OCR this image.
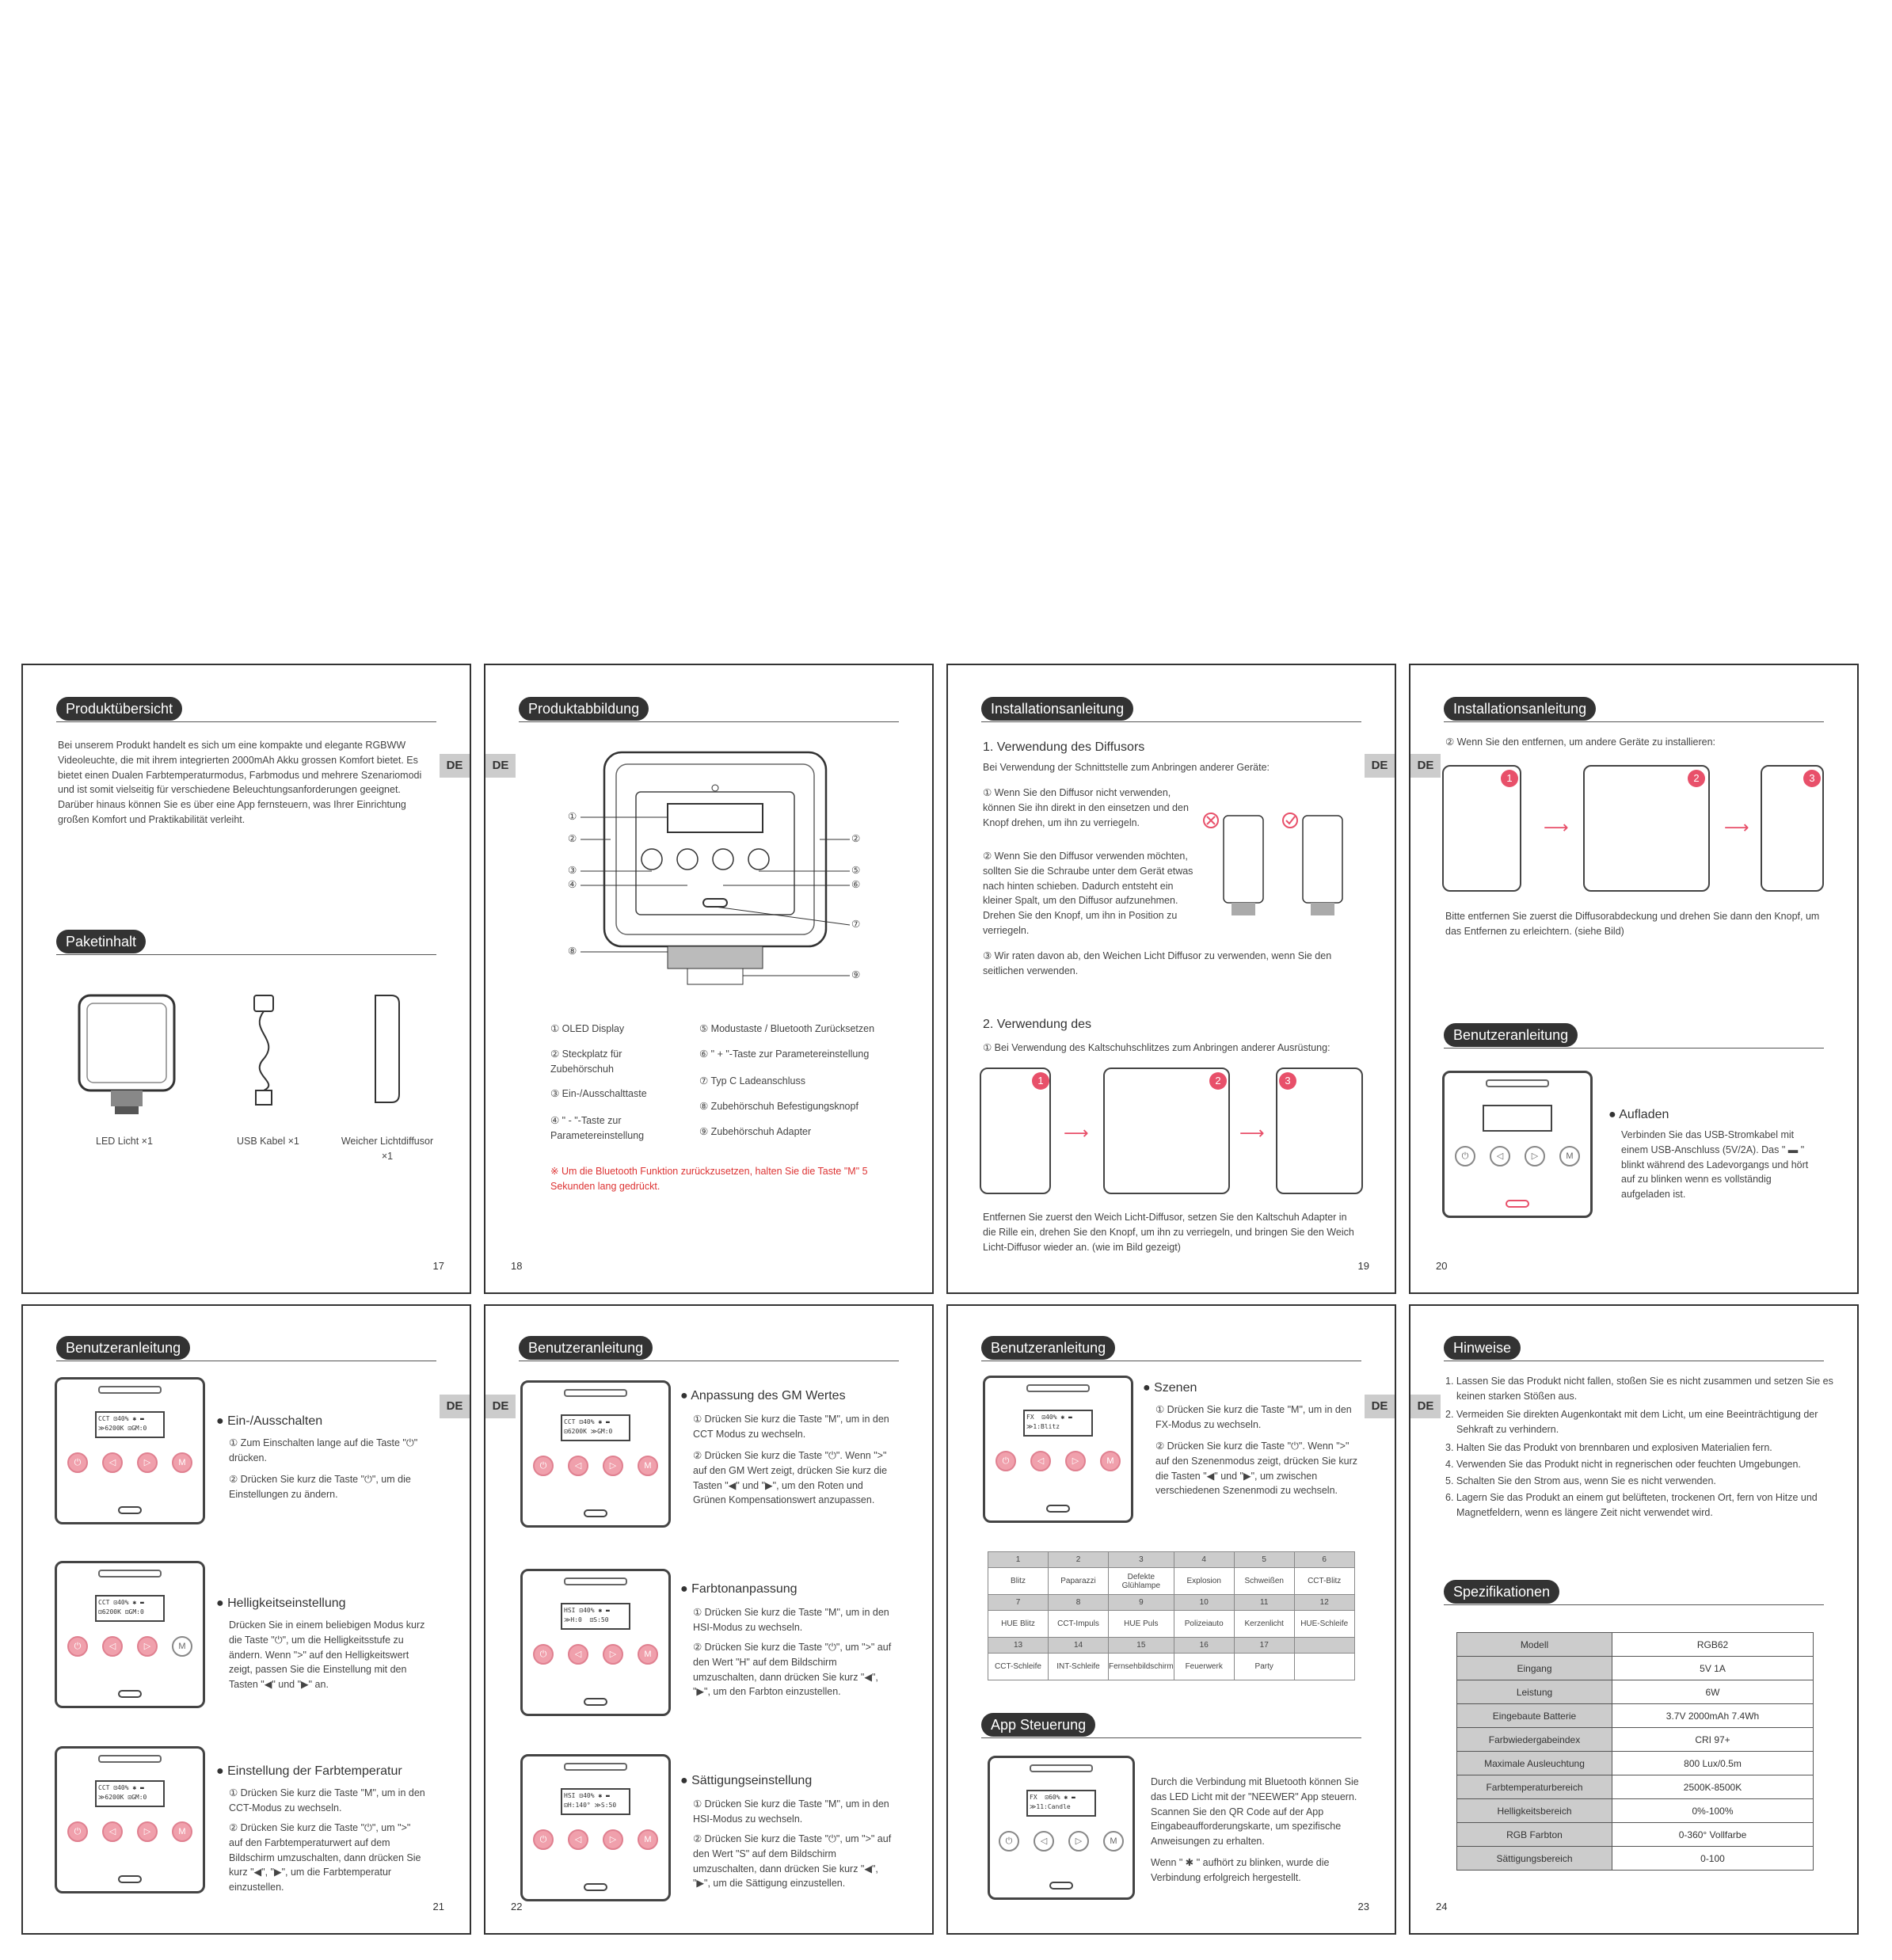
Produktübersicht
Bei unserem Produkt handelt es sich um eine kompakte und elegante RGBWW Videoleuchte, die mit ihrem integrierten 2000mAh Akku grossen Komfort bietet. Es bietet einen Dualen Farbtemperaturmodus, Farbmodus und mehrere Szenariomodi und ist somit vielseitig für verschiedene Beleuchtungsanforderungen geeignet. Darüber hinaus können Sie es über eine App fernsteuern, was Ihrer Einrichtung großen Komfort und Praktikabilität verleiht.
DE
Paketinhalt
LED Licht ×1	USB Kabel ×1	Weicher Lichtdiffusor ×1
17
Produktabbildung
DE
①
②	②
③
④
⑤
⑥
⑦
⑧
⑨
① OLED Display
② Steckplatz für Zubehörschuh
③ Ein-/Ausschalttaste
④ " - "-Taste zur Parametereinstellung
⑤ Modustaste / Bluetooth Zurücksetzen
⑥ " + "-Taste zur Parametereinstellung
⑦ Typ C Ladeanschluss
⑧ Zubehörschuh Befestigungsknopf
⑨ Zubehörschuh Adapter
※ Um die Bluetooth Funktion zurückzusetzen, halten Sie die Taste "M" 5 Sekunden lang gedrückt.
18
Installationsanleitung
DE
1. Verwendung des Diffusors
Bei Verwendung der Schnittstelle zum Anbringen anderer Geräte:
① Wenn Sie den Diffusor nicht verwenden, können Sie ihn direkt in den einsetzen und den Knopf drehen, um ihn zu verriegeln.
② Wenn Sie den Diffusor verwenden möchten, sollten Sie die Schraube unter dem Gerät etwas nach hinten schieben. Dadurch entsteht ein kleiner Spalt, um den Diffusor aufzunehmen. Drehen Sie den Knopf, um ihn in Position zu verriegeln.
③ Wir raten davon ab, den Weichen Licht Diffusor zu verwenden, wenn Sie den seitlichen verwenden.
2. Verwendung des
① Bei Verwendung des Kaltschuhschlitzes zum Anbringen anderer Ausrüstung:
1	2	3
⟶	⟶
Entfernen Sie zuerst den Weich Licht-Diffusor, setzen Sie den Kaltschuh Adapter in die Rille ein, drehen Sie den Knopf, um ihn zu verriegeln, und bringen Sie den Weich Licht-Diffusor wieder an. (wie im Bild gezeigt)
19
Installationsanleitung
DE
② Wenn Sie den entfernen, um andere Geräte zu installieren:
1	2	3
⟶	⟶
Bitte entfernen Sie zuerst die Diffusorabdeckung und drehen Sie dann den Knopf, um das Entfernen zu erleichtern. (siehe Bild)
Benutzeranleitung
⏻	◁	▷	M
● Aufladen
Verbinden Sie das USB-Stromkabel mit einem USB-Anschluss (5V/2A). Das " ▬ " blinkt während des Ladevorgangs und hört auf zu blinken wenn es vollständig aufgeladen ist.
20
Benutzeranleitung
DE
CCT ⊡40% ✱ ▬
≫6200K ⊡GM:0
⏻	◁	▷	M
● Ein-/Ausschalten
① Zum Einschalten lange auf die Taste "⏻" drücken.
② Drücken Sie kurz die Taste "⏻", um die Einstellungen zu ändern.
CCT ⊡40% ✱ ▬
⊡6200K ⊡GM:0
⏻	◁	▷	M
● Helligkeitseinstellung
Drücken Sie in einem beliebigen Modus kurz die Taste "⏻", um die Helligkeitsstufe zu ändern. Wenn ">" auf den Helligkeitswert zeigt, passen Sie die Einstellung mit den Tasten "◀" und "▶" an.
CCT ⊡40% ✱ ▬
≫6200K ⊡GM:0
⏻	◁	▷	M
● Einstellung der Farbtemperatur
① Drücken Sie kurz die Taste "M", um in den CCT-Modus zu wechseln.
② Drücken Sie kurz die Taste "⏻", um ">" auf den Farbtemperaturwert auf dem Bildschirm umzuschalten, dann drücken Sie kurz "◀", "▶", um die Farbtemperatur einzustellen.
21
Benutzeranleitung
DE
CCT ⊡40% ✱ ▬
⊡6200K ≫GM:0
⏻	◁	▷	M
● Anpassung des GM Wertes
① Drücken Sie kurz die Taste "M", um in den CCT Modus zu wechseln.
② Drücken Sie kurz die Taste "⏻". Wenn ">" auf den GM Wert zeigt, drücken Sie kurz die Tasten "◀" und "▶", um den Roten und Grünen Kompensationswert anzupassen.
HSI ⊡40% ✱ ▬
≫H:0  ⊡S:50
⏻	◁	▷	M
● Farbtonanpassung
① Drücken Sie kurz die Taste "M", um in den HSI-Modus zu wechseln.
② Drücken Sie kurz die Taste "⏻", um ">" auf den Wert "H" auf dem Bildschirm umzuschalten, dann drücken Sie kurz "◀", "▶", um den Farbton einzustellen.
HSI ⊡40% ✱ ▬
⊡H:140° ≫S:50
⏻	◁	▷	M
● Sättigungseinstellung
① Drücken Sie kurz die Taste "M", um in den HSI-Modus zu wechseln.
② Drücken Sie kurz die Taste "⏻", um ">" auf den Wert "S" auf dem Bildschirm umzuschalten, dann drücken Sie kurz "◀", "▶", um die Sättigung einzustellen.
22
Benutzeranleitung
DE
FX  ⊡40% ✱ ▬
≫1:Blitz
⏻	◁	▷	M
● Szenen
① Drücken Sie kurz die Taste "M", um in den FX-Modus zu wechseln.
② Drücken Sie kurz die Taste "⏻". Wenn ">" auf den Szenenmodus zeigt, drücken Sie kurz die Tasten "◀" und "▶", um zwischen verschiedenen Szenenmodi zu wechseln.
1	2	3	4	5	6
Blitz	Paparazzi	Defekte Glühlampe	Explosion	Schweißen	CCT-Blitz
7	8	9	10	11	12
HUE Blitz	CCT-Impuls	HUE Puls	Polizeiauto	Kerzenlicht	HUE-Schleife
13	14	15	16	17	
CCT-Schleife	INT-Schleife	Fernsehbildschirm	Feuerwerk	Party	
App Steuerung
FX  ⊡60% ✱ ▬
≫11:Candle
⏻	◁	▷	M
Durch die Verbindung mit Bluetooth können Sie das LED Licht mit der "NEEWER" App steuern. Scannen Sie den QR Code auf der App Eingabeaufforderungskarte, um spezifische Anweisungen zu erhalten.
Wenn " ✱ " aufhört zu blinken, wurde die Verbindung erfolgreich hergestellt.
23
Hinweise
DE
1. Lassen Sie das Produkt nicht fallen, stoßen Sie es nicht zusammen und setzen Sie es keinen starken Stößen aus.
2. Vermeiden Sie direkten Augenkontakt mit dem Licht, um eine Beeinträchtigung der Sehkraft zu verhindern.
3. Halten Sie das Produkt von brennbaren und explosiven Materialien fern.
4. Verwenden Sie das Produkt nicht in regnerischen oder feuchten Umgebungen.
5. Schalten Sie den Strom aus, wenn Sie es nicht verwenden.
6. Lagern Sie das Produkt an einem gut belüfteten, trockenen Ort, fern von Hitze und Magnetfeldern, wenn es längere Zeit nicht verwendet wird.
Spezifikationen
Modell	RGB62
Eingang	5V 1A
Leistung	6W
Eingebaute Batterie	3.7V 2000mAh 7.4Wh
Farbwiedergabeindex	CRI 97+
Maximale Ausleuchtung	800 Lux/0.5m
Farbtemperaturbereich	2500K-8500K
Helligkeitsbereich	0%-100%
RGB Farbton	0-360° Vollfarbe
Sättigungsbereich	0-100
24
